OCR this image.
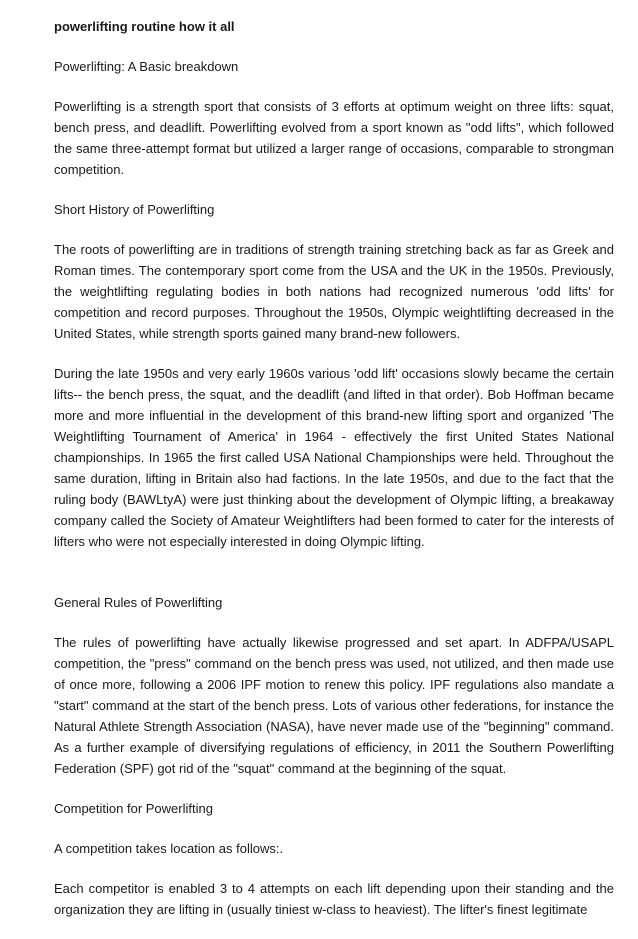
powerlifting routine how it all
Powerlifting: A Basic breakdown
Powerlifting is a strength sport that consists of 3 efforts at optimum weight on three lifts: squat, bench press, and deadlift. Powerlifting evolved from a sport known as "odd lifts", which followed the same three-attempt format but utilized a larger range of occasions, comparable to strongman competition.
Short History of Powerlifting
The roots of powerlifting are in traditions of strength training stretching back as far as Greek and Roman times. The contemporary sport come from the USA and the UK in the 1950s. Previously, the weightlifting regulating bodies in both nations had recognized numerous 'odd lifts' for competition and record purposes. Throughout the 1950s, Olympic weightlifting decreased in the United States, while strength sports gained many brand-new followers.
During the late 1950s and very early 1960s various 'odd lift' occasions slowly became the certain lifts-- the bench press, the squat, and the deadlift (and lifted in that order). Bob Hoffman became more and more influential in the development of this brand-new lifting sport and organized 'The Weightlifting Tournament of America' in 1964 - effectively the first United States National championships. In 1965 the first called USA National Championships were held. Throughout the same duration, lifting in Britain also had factions. In the late 1950s, and due to the fact that the ruling body (BAWLtyA) were just thinking about the development of Olympic lifting, a breakaway company called the Society of Amateur Weightlifters had been formed to cater for the interests of lifters who were not especially interested in doing Olympic lifting.
General Rules of Powerlifting
The rules of powerlifting have actually likewise progressed and set apart. In ADFPA/USAPL competition, the "press" command on the bench press was used, not utilized, and then made use of once more, following a 2006 IPF motion to renew this policy. IPF regulations also mandate a "start" command at the start of the bench press. Lots of various other federations, for instance the Natural Athlete Strength Association (NASA), have never made use of the "beginning" command. As a further example of diversifying regulations of efficiency, in 2011 the Southern Powerlifting Federation (SPF) got rid of the "squat" command at the beginning of the squat.
Competition for Powerlifting
A competition takes location as follows:.
Each competitor is enabled 3 to 4 attempts on each lift depending upon their standing and the organization they are lifting in (usually tiniest w-class to heaviest). The lifter's finest legitimate
